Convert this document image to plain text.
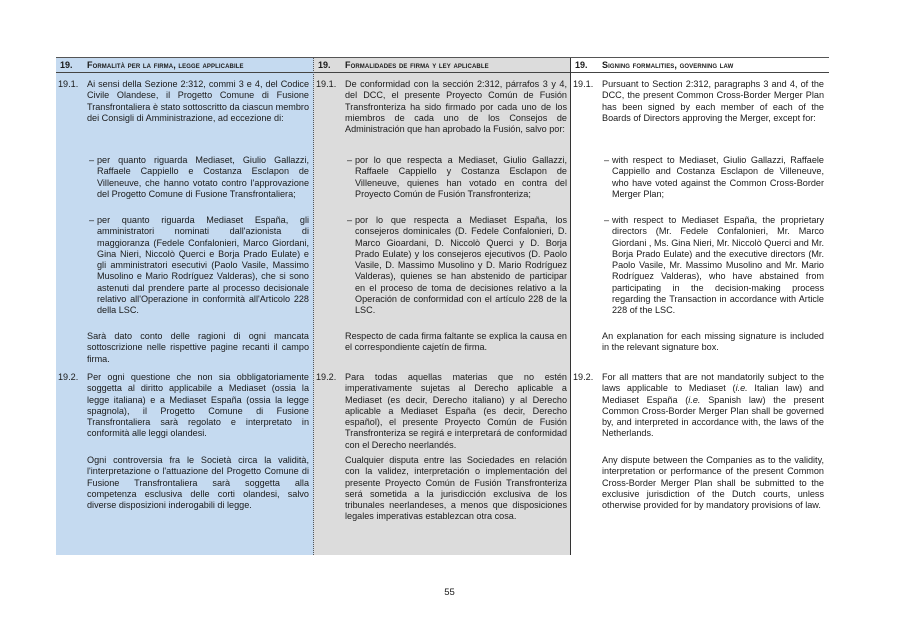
19. Formalità per la firma, legge applicabile
19.1. Ai sensi della Sezione 2:312, commi 3 e 4, del Codice Civile Olandese, il Progetto Comune di Fusione Transfrontaliera è stato sottoscritto da ciascun membro dei Consigli di Amministrazione, ad eccezione di:
– per quanto riguarda Mediaset, Giulio Gallazzi, Raffaele Cappiello e Costanza Esclapon de Villeneuve, che hanno votato contro l'approvazione del Progetto Comune di Fusione Transfrontaliera;
– per quanto riguarda Mediaset España, gli amministratori nominati dall'azionista di maggioranza (Fedele Confalonieri, Marco Giordani, Gina Nieri, Niccolò Querci e Borja Prado Eulate) e gli amministratori esecutivi (Paolo Vasile, Massimo Musolino e Mario Rodríguez Valderas), che si sono astenuti dal prendere parte al processo decisionale relativo all'Operazione in conformità all'Articolo 228 della LSC.
Sarà dato conto delle ragioni di ogni mancata sottoscrizione nelle rispettive pagine recanti il campo firma.
19.2. Per ogni questione che non sia obbligatoriamente soggetta al diritto applicabile a Mediaset (ossia la legge italiana) e a Mediaset España (ossia la legge spagnola), il Progetto Comune di Fusione Transfrontaliera sarà regolato e interpretato in conformità alle leggi olandesi.
Ogni controversia fra le Società circa la validità, l'interpretazione o l'attuazione del Progetto Comune di Fusione Transfrontaliera sarà soggetta alla competenza esclusiva delle corti olandesi, salvo diverse disposizioni inderogabili di legge.
19. Formalidades de firma y ley aplicable
19.1. De conformidad con la sección 2:312, párrafos 3 y 4, del DCC, el presente Proyecto Común de Fusión Transfronteriza ha sido firmado por cada uno de los miembros de cada uno de los Consejos de Administración que han aprobado la Fusión, salvo por:
– por lo que respecta a Mediaset, Giulio Gallazzi, Raffaele Cappiello y Costanza Esclapon de Villeneuve, quienes han votado en contra del Proyecto Común de Fusión Transfronteriza;
– por lo que respecta a Mediaset España, los consejeros dominicales (D. Fedele Confalonieri, D. Marco Gioardani, D. Niccolò Querci y D. Borja Prado Eulate) y los consejeros ejecutivos (D. Paolo Vasile, D. Massimo Musolino y D. Mario Rodríguez Valderas), quienes se han abstenido de participar en el proceso de toma de decisiones relativo a la Operación de conformidad con el artículo 228 de la LSC.
Respecto de cada firma faltante se explica la causa en el correspondiente cajetín de firma.
19.2. Para todas aquellas materias que no estén imperativamente sujetas al Derecho aplicable a Mediaset (es decir, Derecho italiano) y al Derecho aplicable a Mediaset España (es decir, Derecho español), el presente Proyecto Común de Fusión Transfronteriza se regirá e interpretará de conformidad con el Derecho neerlandés.
Cualquier disputa entre las Sociedades en relación con la validez, interpretación o implementación del presente Proyecto Común de Fusión Transfronteriza será sometida a la jurisdicción exclusiva de los tribunales neerlandeses, a menos que disposiciones legales imperativas establezcan otra cosa.
19. Signing formalities, governing law
19.1. Pursuant to Section 2:312, paragraphs 3 and 4, of the DCC, the present Common Cross-Border Merger Plan has been signed by each member of each of the Boards of Directors approving the Merger, except for:
– with respect to Mediaset, Giulio Gallazzi, Raffaele Cappiello and Costanza Esclapon de Villeneuve, who have voted against the Common Cross-Border Merger Plan;
– with respect to Mediaset España, the proprietary directors (Mr. Fedele Confalonieri, Mr. Marco Giordani , Ms. Gina Nieri, Mr. Niccolò Querci and Mr. Borja Prado Eulate) and the executive directors (Mr. Paolo Vasile, Mr. Massimo Musolino and Mr. Mario Rodríguez Valderas), who have abstained from participating in the decision-making process regarding the Transaction in accordance with Article 228 of the LSC.
An explanation for each missing signature is included in the relevant signature box.
19.2. For all matters that are not mandatorily subject to the laws applicable to Mediaset (i.e. Italian law) and Mediaset España (i.e. Spanish law) the present Common Cross-Border Merger Plan shall be governed by, and interpreted in accordance with, the laws of the Netherlands.
Any dispute between the Companies as to the validity, interpretation or performance of the present Common Cross-Border Merger Plan shall be submitted to the exclusive jurisdiction of the Dutch courts, unless otherwise provided for by mandatory provisions of law.
55
